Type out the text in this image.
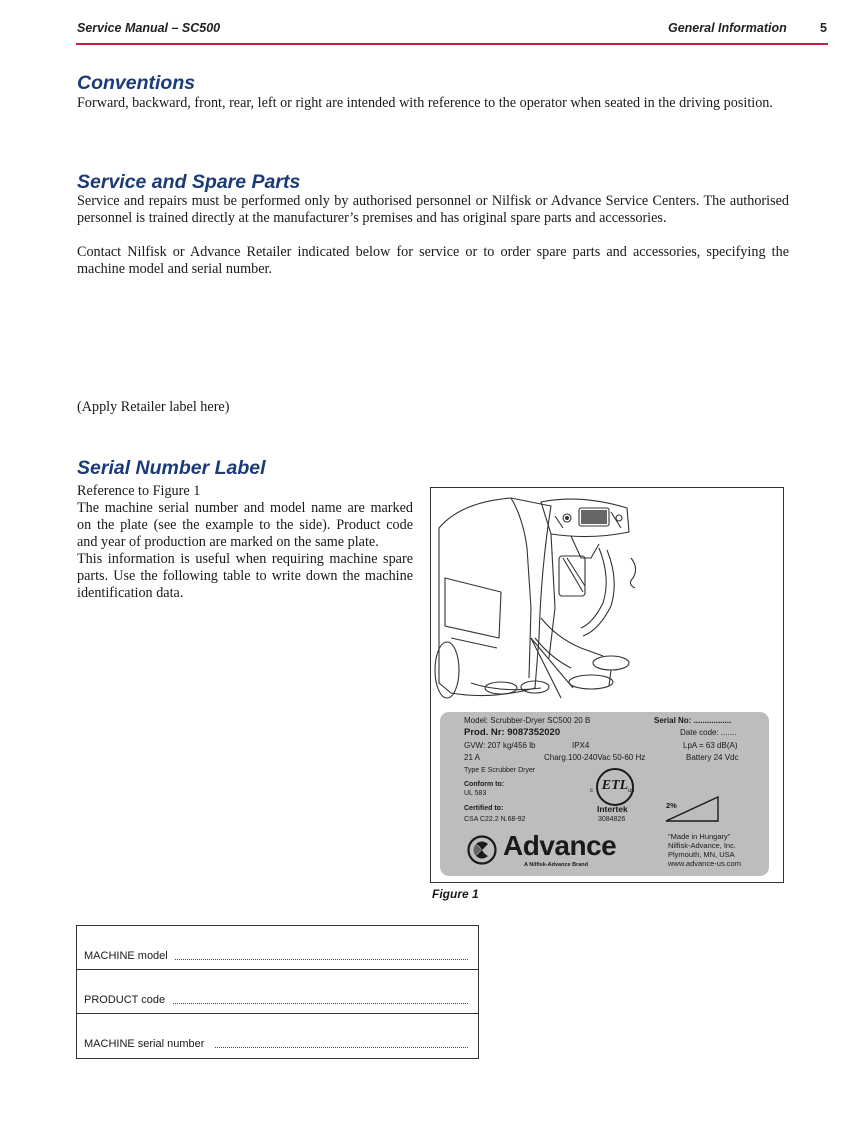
Service Manual – SC500	General Information	5
Conventions

Forward, backward, front, rear, left or right are intended with reference to the operator when seated in the driving position.

Service and Spare Parts

Service and repairs must be performed only by authorised personnel or Nilfisk or Advance Service Centers. The authorised personnel is trained directly at the manufacturer’s premises and has original spare parts and accessories.

Contact Nilfisk or Advance Retailer indicated below for service or to order spare parts and accessories, specifying the machine model and serial number.

(Apply Retailer label here)

Serial Number Label

Reference to Figure 1
The machine serial number and model name are marked on the plate (see the example to the side). Product code and year of production are marked on the same plate.
This information is useful when requiring machine spare parts. Use the following table to write down the machine identification data.

Model: Scrubber-Dryer SC500 20 B	Serial No: .................
Prod. Nr: 9087352020	Date code: .......
GVW: 207 kg/456 lb	IPX4	LpA = 63 dB(A)
21 A	Charg.100-240Vac 50-60 Hz	Battery 24 Vdc
Type E Scrubber Dryer
Conform to:
UL 583
Certified to:
CSA C22.2 N.68-92
ETL
c	us
Intertek
3084826
2%
Advance
A Nilfisk-Advance Brand
"Made in Hungary"
Nilfisk-Advance, Inc.
Plymouth, MN, USA
www.advance-us.com
Figure 1
MACHINE model
PRODUCT code
MACHINE serial number
